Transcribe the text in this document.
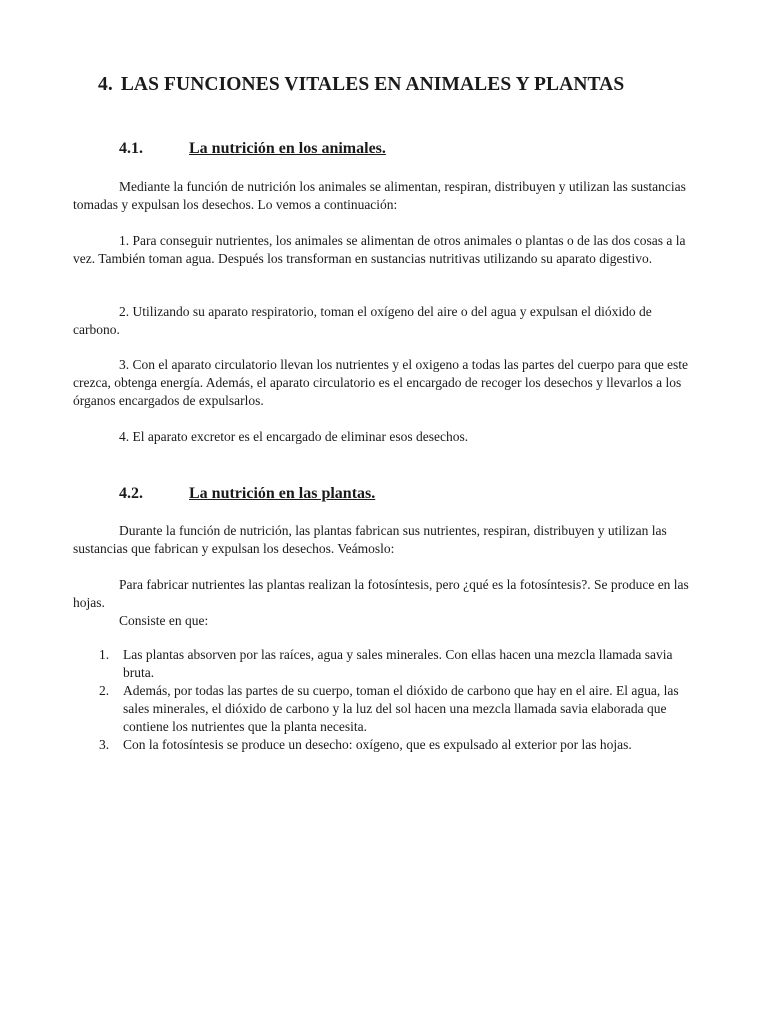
4. LAS FUNCIONES VITALES EN ANIMALES Y PLANTAS
4.1.	La nutrición en los animales.

Mediante la función de nutrición los animales se alimentan, respiran, distribuyen y utilizan las sustancias tomadas y expulsan los desechos. Lo vemos a continuación:

1. Para conseguir nutrientes, los animales se alimentan de otros animales o plantas o de las dos cosas a la vez. También toman agua. Después los transforman en sustancias nutritivas utilizando su aparato digestivo.

2. Utilizando su aparato respiratorio, toman el oxígeno del aire o del agua y expulsan el dióxido de carbono.

3. Con el aparato circulatorio llevan los nutrientes y el oxigeno a todas las partes del cuerpo para que este crezca, obtenga energía. Además, el aparato circulatorio es el encargado de recoger los desechos y llevarlos a los órganos encargados de expulsarlos.

4. El aparato excretor es el encargado de eliminar esos desechos.

4.2.	La nutrición en las plantas.

Durante la función de nutrición, las plantas fabrican sus nutrientes, respiran, distribuyen y utilizan las sustancias que fabrican y expulsan los desechos. Veámoslo:

Para fabricar nutrientes las plantas realizan la fotosíntesis, pero ¿qué es la fotosíntesis?. Se produce en las hojas.

Consiste en que:

1. Las plantas absorven por las raíces, agua y sales minerales. Con ellas hacen una mezcla llamada savia bruta.
2. Además, por todas las partes de su cuerpo, toman el dióxido de carbono que hay en el aire. El agua, las sales minerales, el dióxido de carbono y la luz del sol hacen una mezcla llamada savia elaborada que contiene los nutrientes que la planta necesita.
3. Con la fotosíntesis se produce un desecho: oxígeno, que es expulsado al exterior por las hojas.
